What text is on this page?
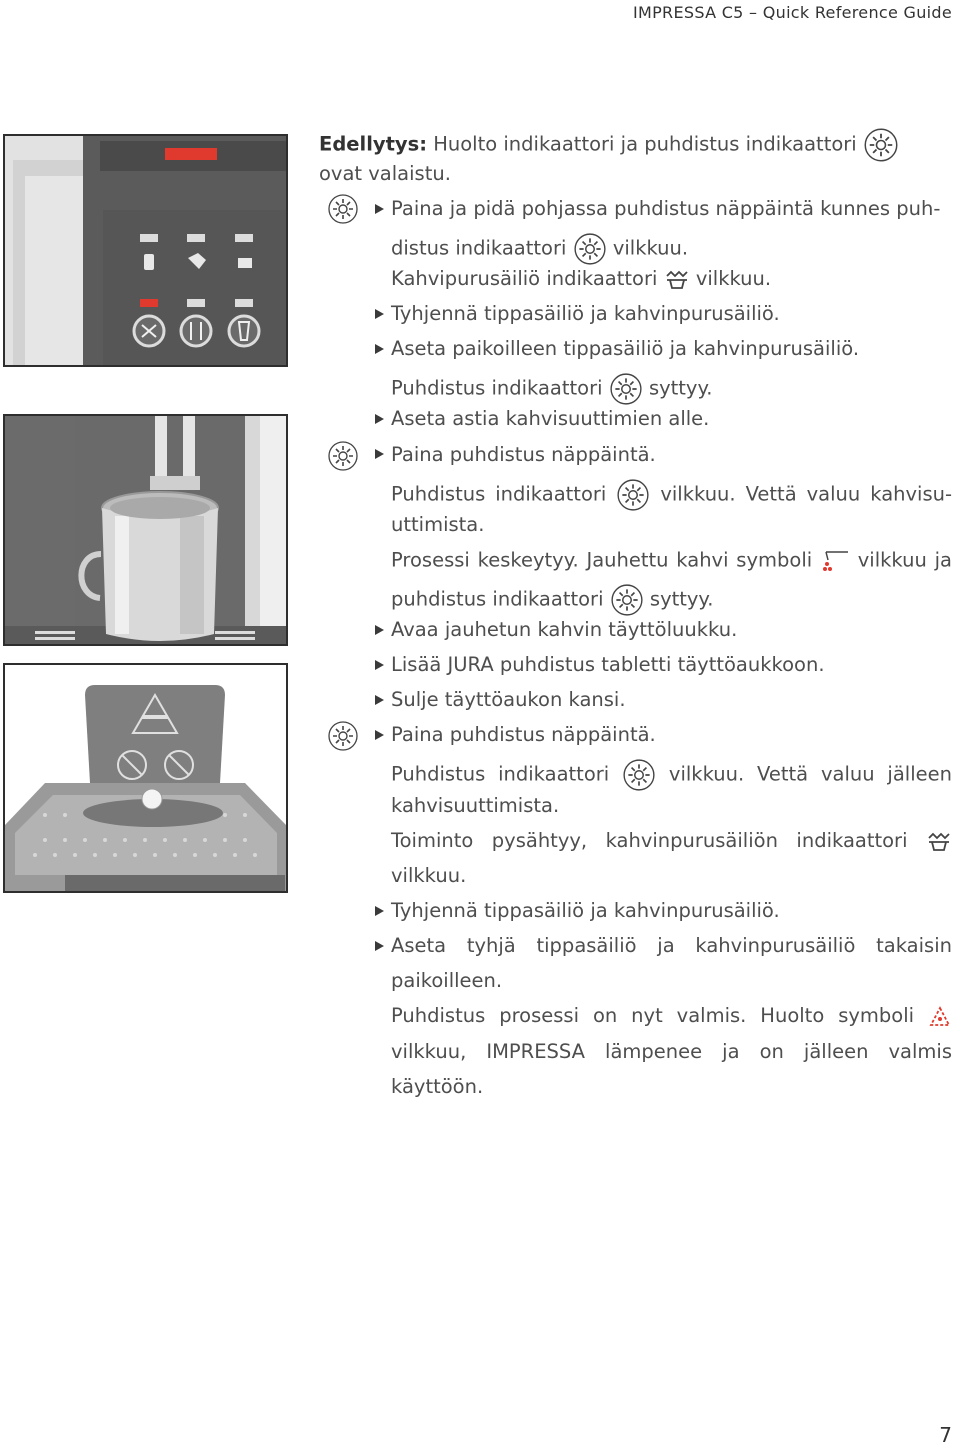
IMPRESSA C5 – Quick Reference Guide
Edellytys: Huolto indikaattori ja puhdistus indikaattori
ovat valaistu.
Paina ja pidä pohjassa puhdistus näppäintä kunnes puh-
distus indikaattori vilkkuu.
Kahvipurusäiliö indikaattori vilkkuu.
Tyhjennä tippasäiliö ja kahvinpurusäiliö.
Aseta paikoilleen tippasäiliö ja kahvinpurusäiliö.
Puhdistus indikaattori syttyy.
Aseta astia kahvisuuttimien alle.
Paina puhdistus näppäintä.
Puhdistus indikaattori	vilkkuu. Vettä valuu kahvisu-
uttimista.
Prosessi keskeytyy. Jauhettu kahvi symboli vilkkuu ja
puhdistus indikaattori syttyy.
Avaa jauhetun kahvin täyttöluukku.
Lisää JURA puhdistus tabletti täyttöaukkoon.
Sulje täyttöaukon kansi.
Paina puhdistus näppäintä.
Puhdistus indikaattori	vilkkuu. Vettä valuu jälleen
kahvisuuttimista.
Toiminto pysähtyy, kahvinpurusäiliön indikaattori
vilkkuu.
Tyhjennä tippasäiliö ja kahvinpurusäiliö.
Aseta tyhjä tippasäiliö ja kahvinpurusäiliö takaisin
paikoilleen.
Puhdistus prosessi on nyt valmis. Huolto symboli
vilkkuu, IMPRESSA lämpenee ja on jälleen valmis
käyttöön.
7
